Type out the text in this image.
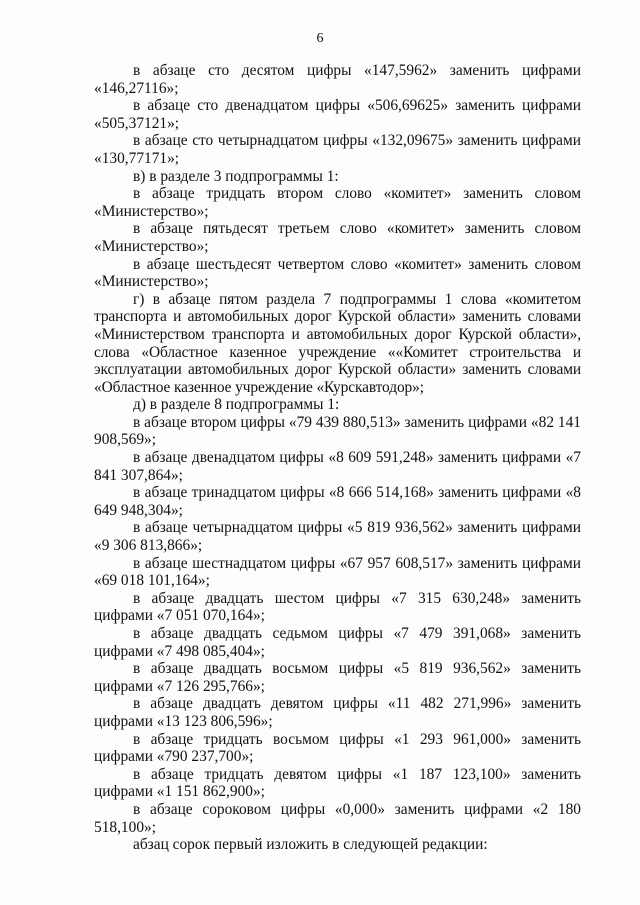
6

в абзаце сто десятом цифры «147,5962» заменить цифрами «146,27116»;

в абзаце сто двенадцатом цифры «506,69625» заменить цифрами «505,37121»;

в абзаце сто четырнадцатом цифры «132,09675» заменить цифрами «130,77171»;

в) в разделе 3 подпрограммы 1:

в абзаце тридцать втором слово «комитет» заменить словом «Министерство»;

в абзаце пятьдесят третьем слово «комитет» заменить словом «Министерство»;

в абзаце шестьдесят четвертом слово «комитет» заменить словом «Министерство»;

г) в абзаце пятом раздела 7 подпрограммы 1 слова «комитетом транспорта и автомобильных дорог Курской области» заменить словами «Министерством транспорта и автомобильных дорог Курской области», слова «Областное казенное учреждение ««Комитет строительства и эксплуатации автомобильных дорог Курской области» заменить словами «Областное казенное учреждение «Курскавтодор»;

д) в разделе 8 подпрограммы 1:

в абзаце втором цифры «79 439 880,513» заменить цифрами «82 141 908,569»;

в абзаце двенадцатом цифры «8 609 591,248» заменить цифрами «7 841 307,864»;

в абзаце тринадцатом цифры «8 666 514,168» заменить цифрами «8 649 948,304»;

в абзаце четырнадцатом цифры «5 819 936,562» заменить цифрами «9 306 813,866»;

в абзаце шестнадцатом цифры «67 957 608,517» заменить цифрами «69 018 101,164»;

в абзаце двадцать шестом цифры «7 315 630,248» заменить цифрами «7 051 070,164»;

в абзаце двадцать седьмом цифры «7 479 391,068» заменить цифрами «7 498 085,404»;

в абзаце двадцать восьмом цифры «5 819 936,562» заменить цифрами «7 126 295,766»;

в абзаце двадцать девятом цифры «11 482 271,996» заменить цифрами «13 123 806,596»;

в абзаце тридцать восьмом цифры «1 293 961,000» заменить цифрами «790 237,700»;

в абзаце тридцать девятом цифры «1 187 123,100» заменить цифрами «1 151 862,900»;

в абзаце сороковом цифры «0,000» заменить цифрами «2 180 518,100»;

абзац сорок первый изложить в следующей редакции:
